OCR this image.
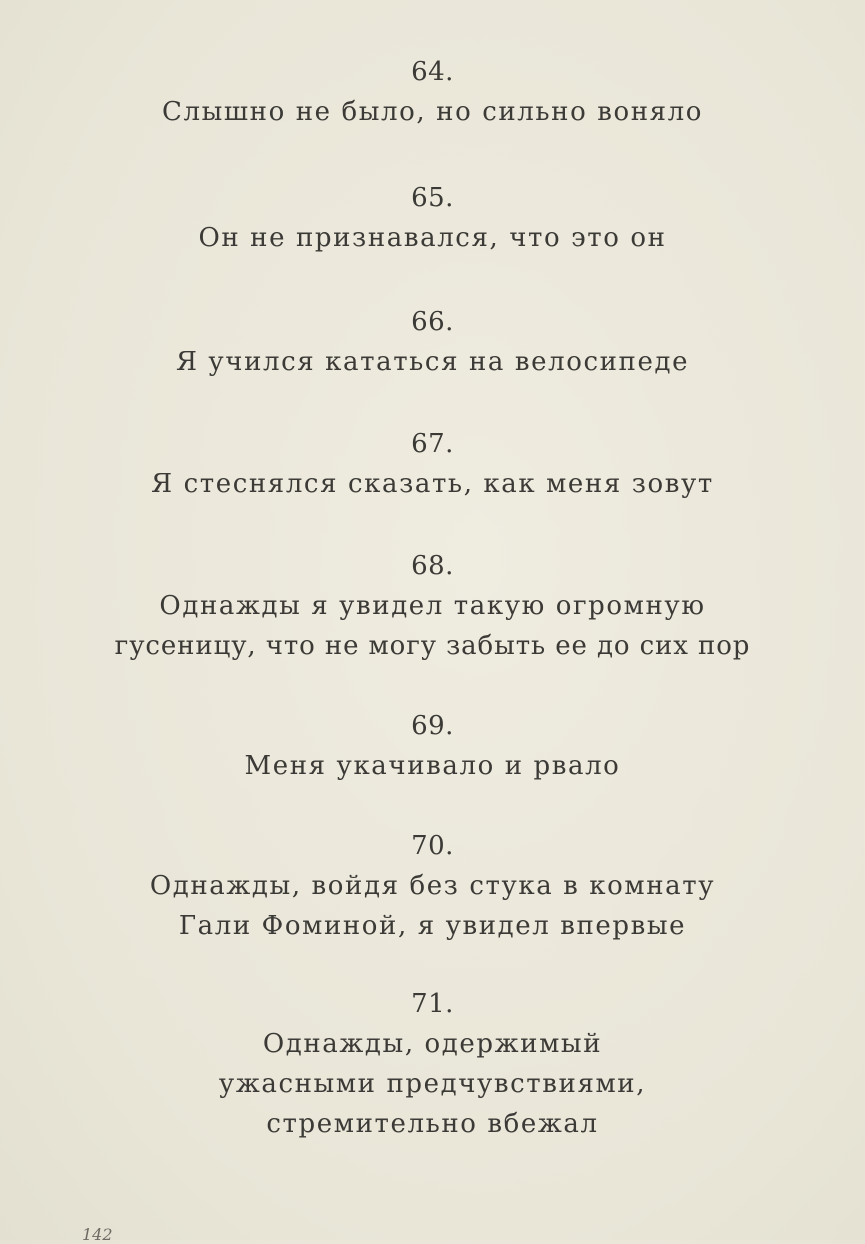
64.
Слышно не было, но сильно воняло
65.
Он не признавался, что это он
66.
Я учился кататься на велосипеде
67.
Я стеснялся сказать, как меня зовут
68.
Однажды я увидел такую огромную
гусеницу, что не могу забыть ее до сих пор
69.
Меня укачивало и рвало
70.
Однажды, войдя без стука в комнату
Гали Фоминой, я увидел впервые
71.
Однажды, одержимый
ужасными предчувствиями,
стремительно вбежал
142
